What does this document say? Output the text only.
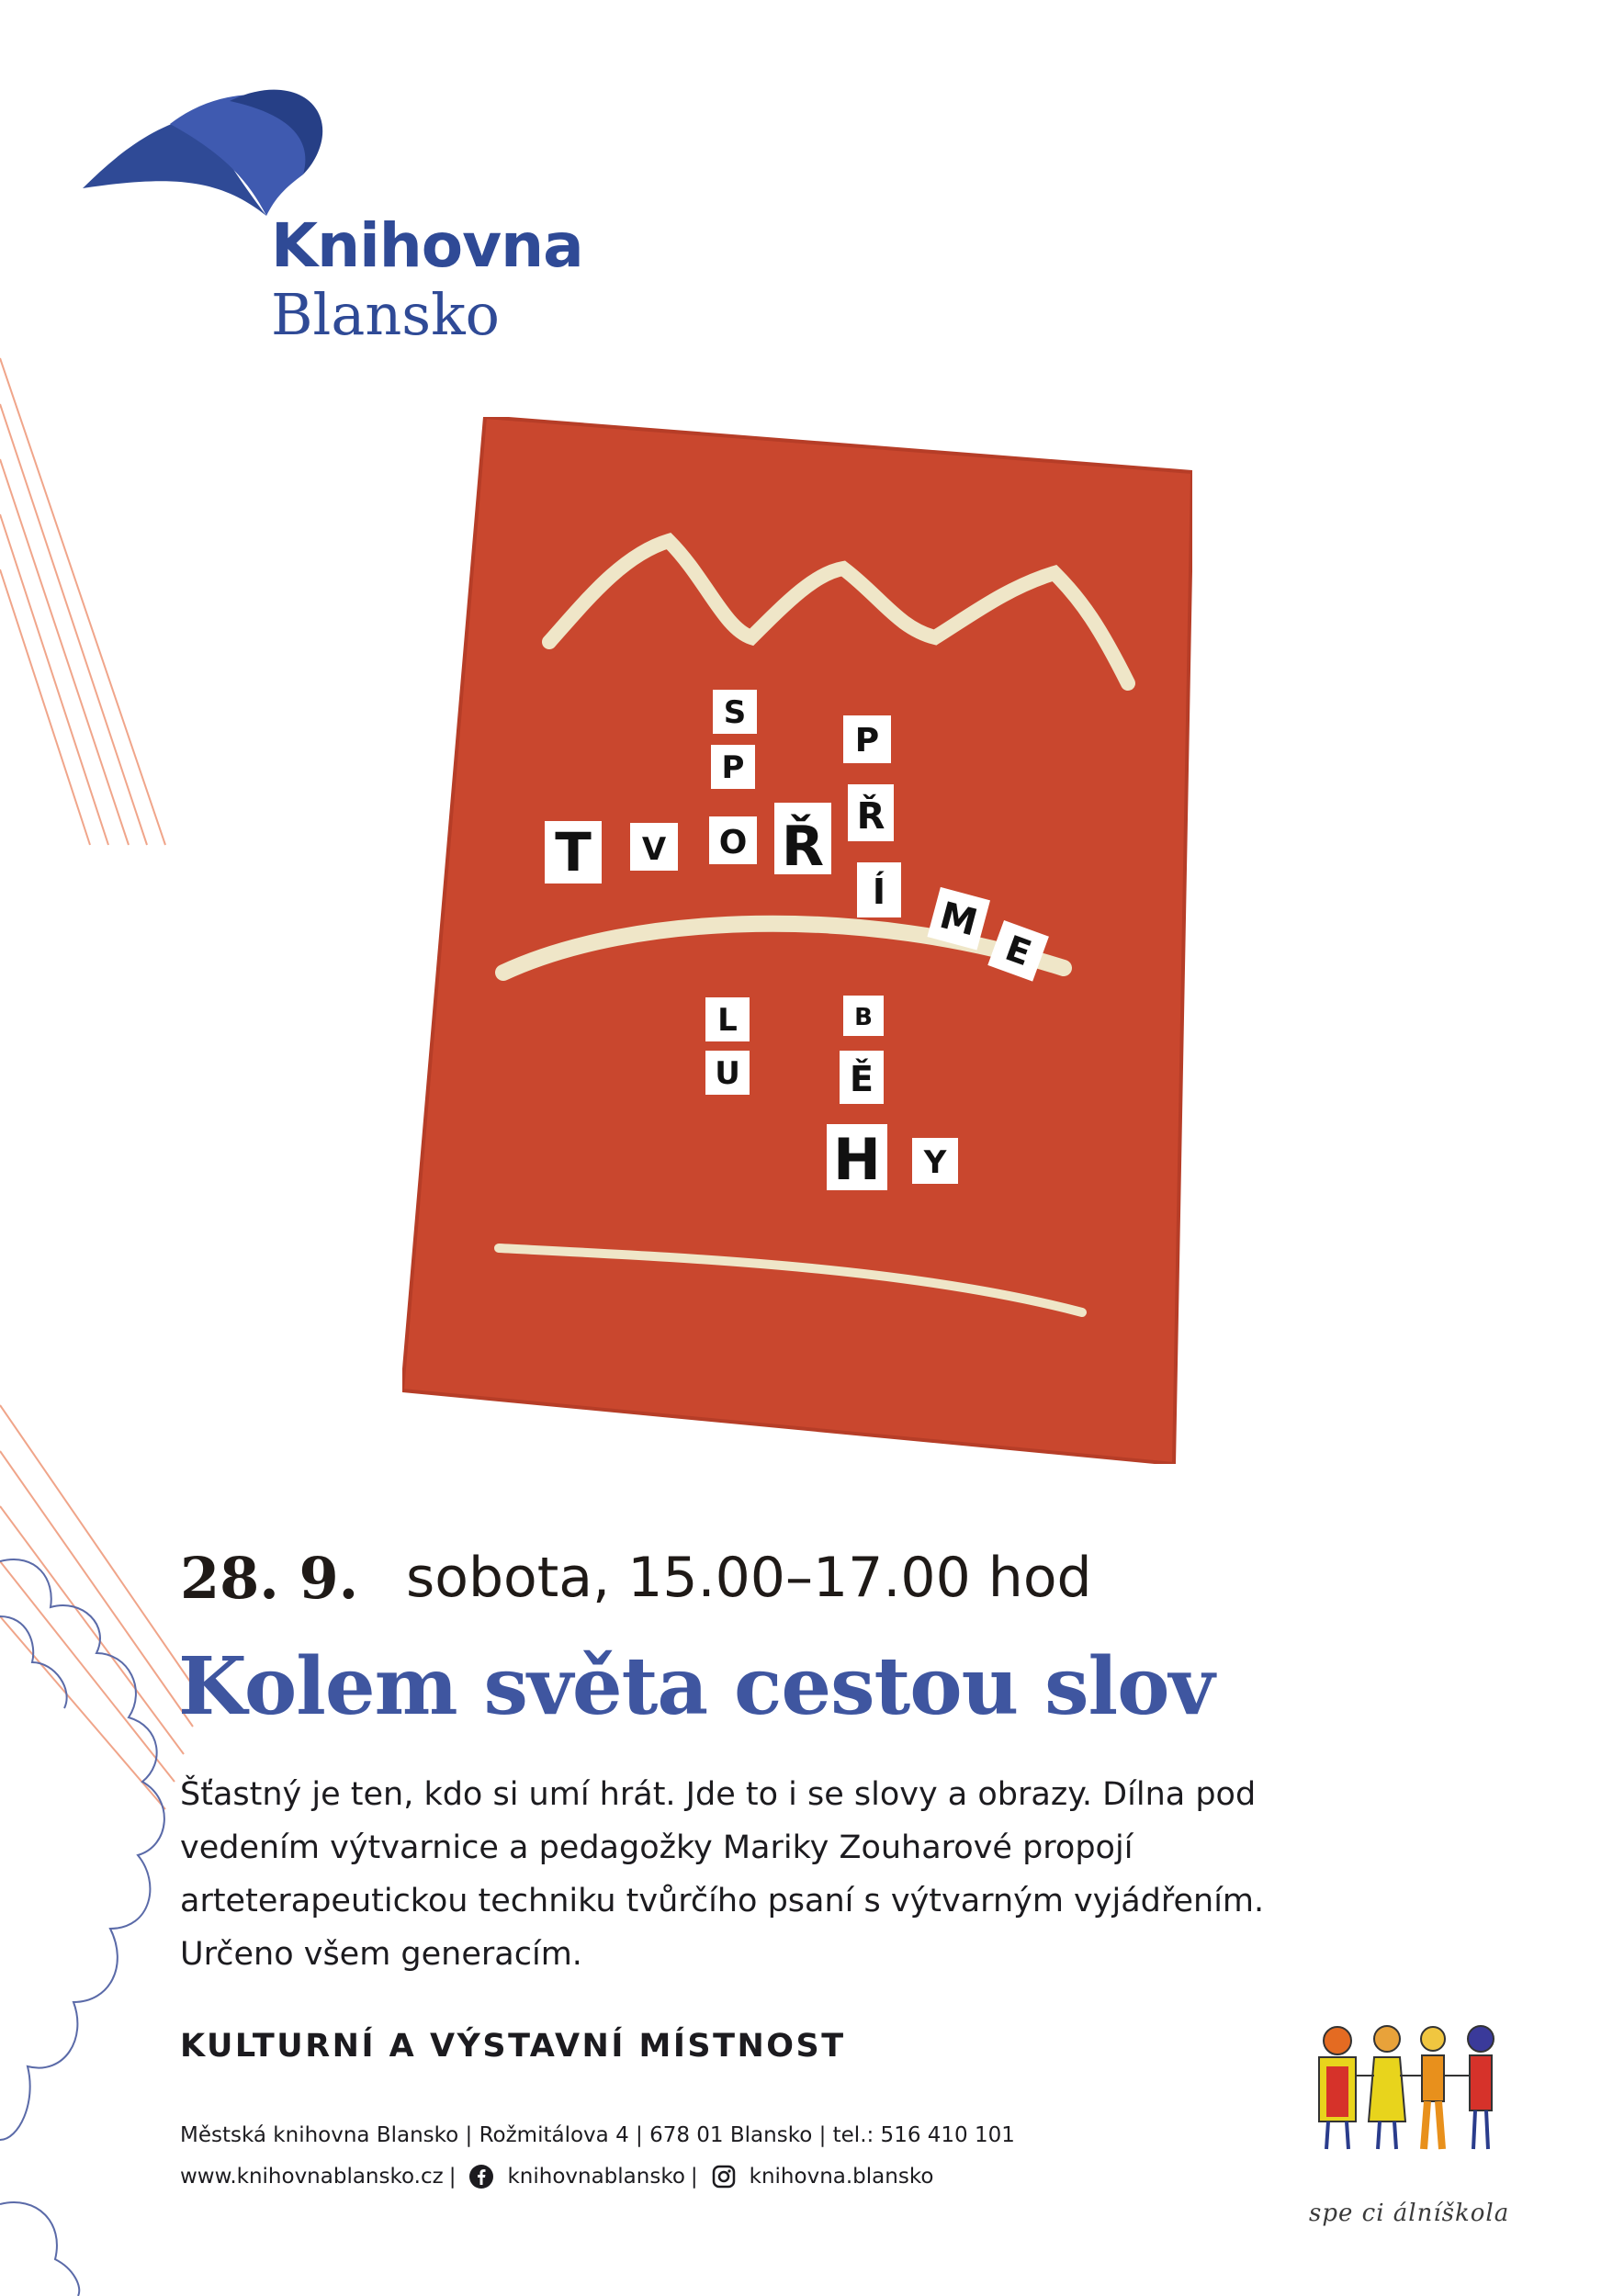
Knihovna
Blansko
S
P
L
U
T V O Ř
P
Ř
Í
B
Ě
H Y
M
E
28. 9. sobota, 15.00–17.00 hod
Kolem světa cestou slov
Šťastný je ten, kdo si umí hrát. Jde to i se slovy a obrazy. Dílna pod vedením výtvarnice a pedagožky Mariky Zouharové propojí arteterapeutickou techniku tvůrčího psaní s výtvarným vyjádřením. Určeno všem generacím.
KULTURNÍ A VÝSTAVNÍ MÍSTNOST
Městská knihovna Blansko | Rožmitálova 4 | 678 01 Blansko | tel.: 516 410 101
www.knihovnablansko.cz | knihovnablansko | knihovna.blansko
spe ci álníškola
